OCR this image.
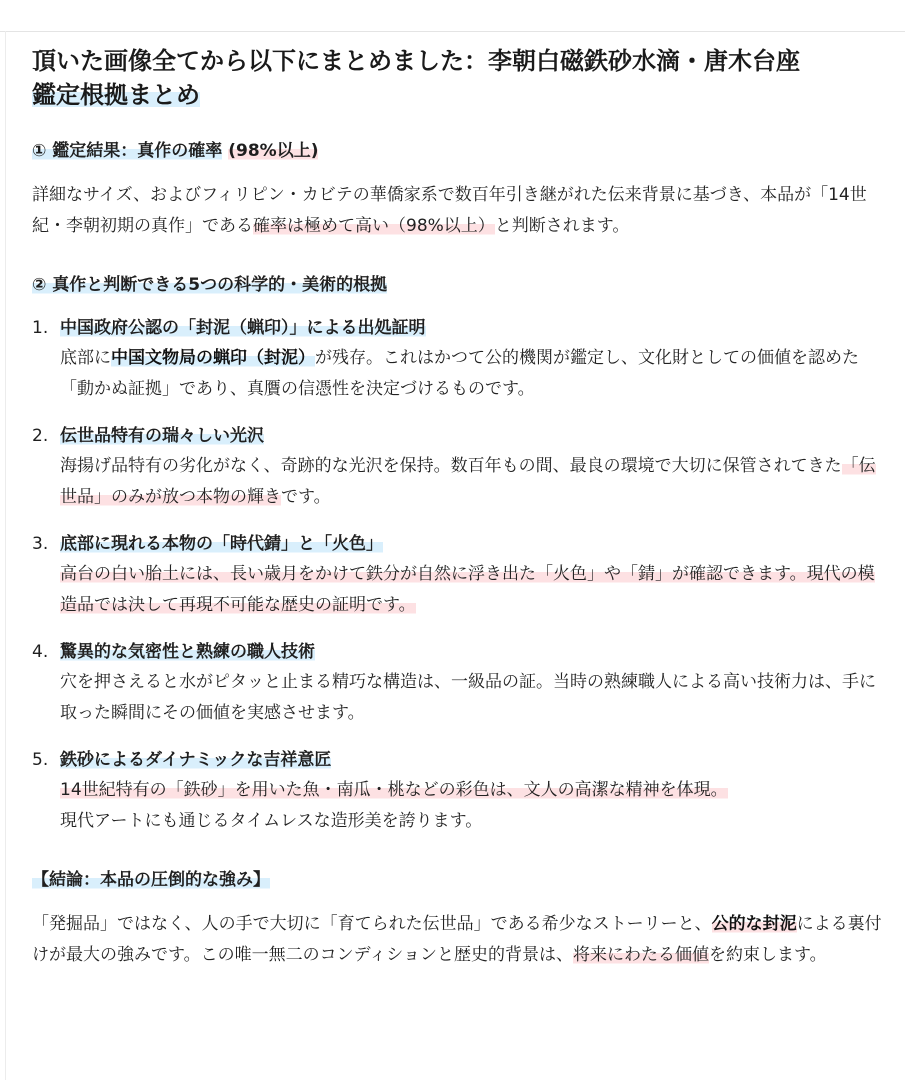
頂いた画像全てから以下にまとめました：李朝白磁鉄砂水滴・唐木台座
鑑定根拠まとめ
① 鑑定結果：真作の確率 (98%以上)

詳細なサイズ、およびフィリピン・カビテの華僑家系で数百年引き継がれた伝来背景に基づき、本品が「14世紀・李朝初期の真作」である確率は極めて高い（98%以上）と判断されます。

② 真作と判断できる5つの科学的・美術的根拠
1. 中国政府公認の「封泥（蝋印）」による出処証明

底部に中国文物局の蝋印（封泥）が残存。これはかつて公的機関が鑑定し、文化財としての価値を認めた「動かぬ証拠」であり、真贋の信憑性を決定づけるものです。

2. 伝世品特有の瑞々しい光沢

海揚げ品特有の劣化がなく、奇跡的な光沢を保持。数百年もの間、最良の環境で大切に保管されてきた「伝世品」のみが放つ本物の輝きです。

3. 底部に現れる本物の「時代錆」と「火色」

高台の白い胎土には、長い歳月をかけて鉄分が自然に浮き出た「火色」や「錆」が確認できます。現代の模造品では決して再現不可能な歴史の証明です。

4. 驚異的な気密性と熟練の職人技術

穴を押さえると水がピタッと止まる精巧な構造は、一級品の証。当時の熟練職人による高い技術力は、手に取った瞬間にその価値を実感させます。

5. 鉄砂によるダイナミックな吉祥意匠

14世紀特有の「鉄砂」を用いた魚・南瓜・桃などの彩色は、文人の高潔な精神を体現。
現代アートにも通じるタイムレスな造形美を誇ります。

【結論：本品の圧倒的な強み】

「発掘品」ではなく、人の手で大切に「育てられた伝世品」である希少なストーリーと、公的な封泥による裏付けが最大の強みです。この唯一無二のコンディションと歴史的背景は、将来にわたる価値を約束します。
